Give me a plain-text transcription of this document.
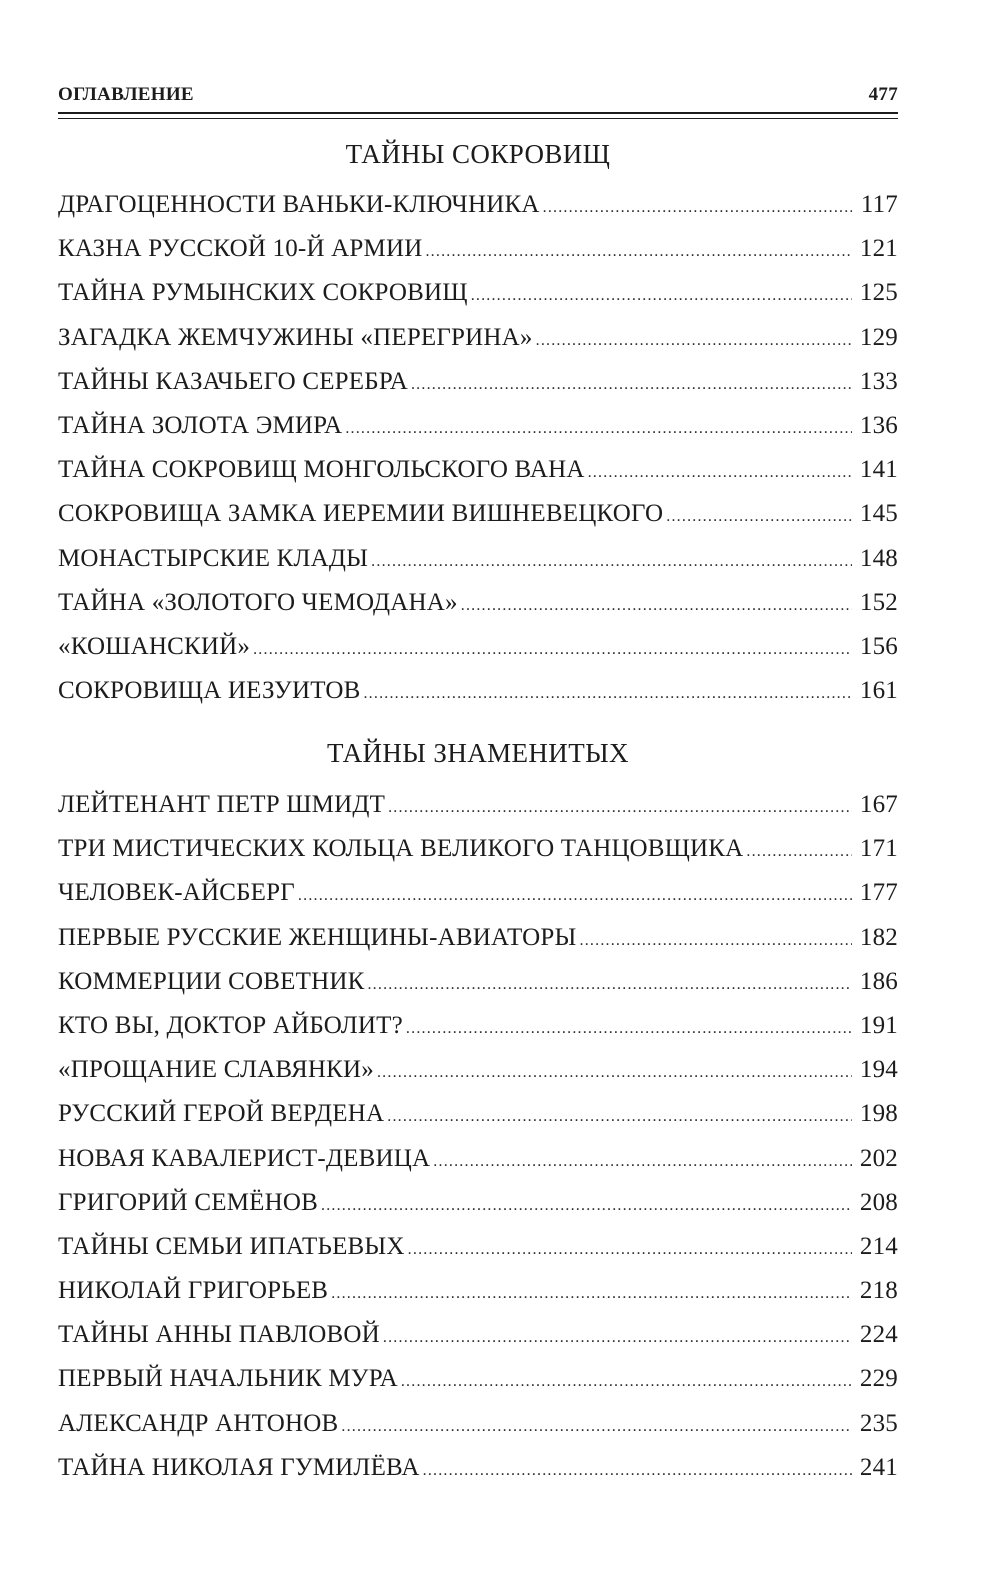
ОГЛАВЛЕНИЕ	477
ТАЙНЫ СОКРОВИЩ
ДРАГОЦЕННОСТИ ВАНЬКИ-КЛЮЧНИКА .....	117
КАЗНА РУССКОЙ 10-Й АРМИИ .....	121
ТАЙНА РУМЫНСКИХ СОКРОВИЩ .....	125
ЗАГАДКА ЖЕМЧУЖИНЫ «ПЕРЕГРИНА» .....	129
ТАЙНЫ КАЗАЧЬЕГО СЕРЕБРА .....	133
ТАЙНА ЗОЛОТА ЭМИРА .....	136
ТАЙНА СОКРОВИЩ МОНГОЛЬСКОГО ВАНА .....	141
СОКРОВИЩА ЗАМКА ИЕРЕМИИ ВИШНЕВЕЦКОГО .....	145
МОНАСТЫРСКИЕ КЛАДЫ .....	148
ТАЙНА «ЗОЛОТОГО ЧЕМОДАНА» .....	152
«КОШАНСКИЙ» .....	156
СОКРОВИЩА ИЕЗУИТОВ .....	161
ТАЙНЫ ЗНАМЕНИТЫХ
ЛЕЙТЕНАНТ ПЕТР ШМИДТ .....	167
ТРИ МИСТИЧЕСКИХ КОЛЬЦА ВЕЛИКОГО ТАНЦОВЩИКА .....	171
ЧЕЛОВЕК-АЙСБЕРГ .....	177
ПЕРВЫЕ РУССКИЕ ЖЕНЩИНЫ-АВИАТОРЫ .....	182
КОММЕРЦИИ СОВЕТНИК .....	186
КТО ВЫ, ДОКТОР АЙБОЛИТ? .....	191
«ПРОЩАНИЕ СЛАВЯНКИ» .....	194
РУССКИЙ ГЕРОЙ ВЕРДЕНА .....	198
НОВАЯ КАВАЛЕРИСТ-ДЕВИЦА .....	202
ГРИГОРИЙ СЕМЁНОВ .....	208
ТАЙНЫ СЕМЬИ ИПАТЬЕВЫХ .....	214
НИКОЛАЙ ГРИГОРЬЕВ .....	218
ТАЙНЫ АННЫ ПАВЛОВОЙ .....	224
ПЕРВЫЙ НАЧАЛЬНИК МУРА .....	229
АЛЕКСАНДР АНТОНОВ .....	235
ТАЙНА НИКОЛАЯ ГУМИЛЁВА .....	241
